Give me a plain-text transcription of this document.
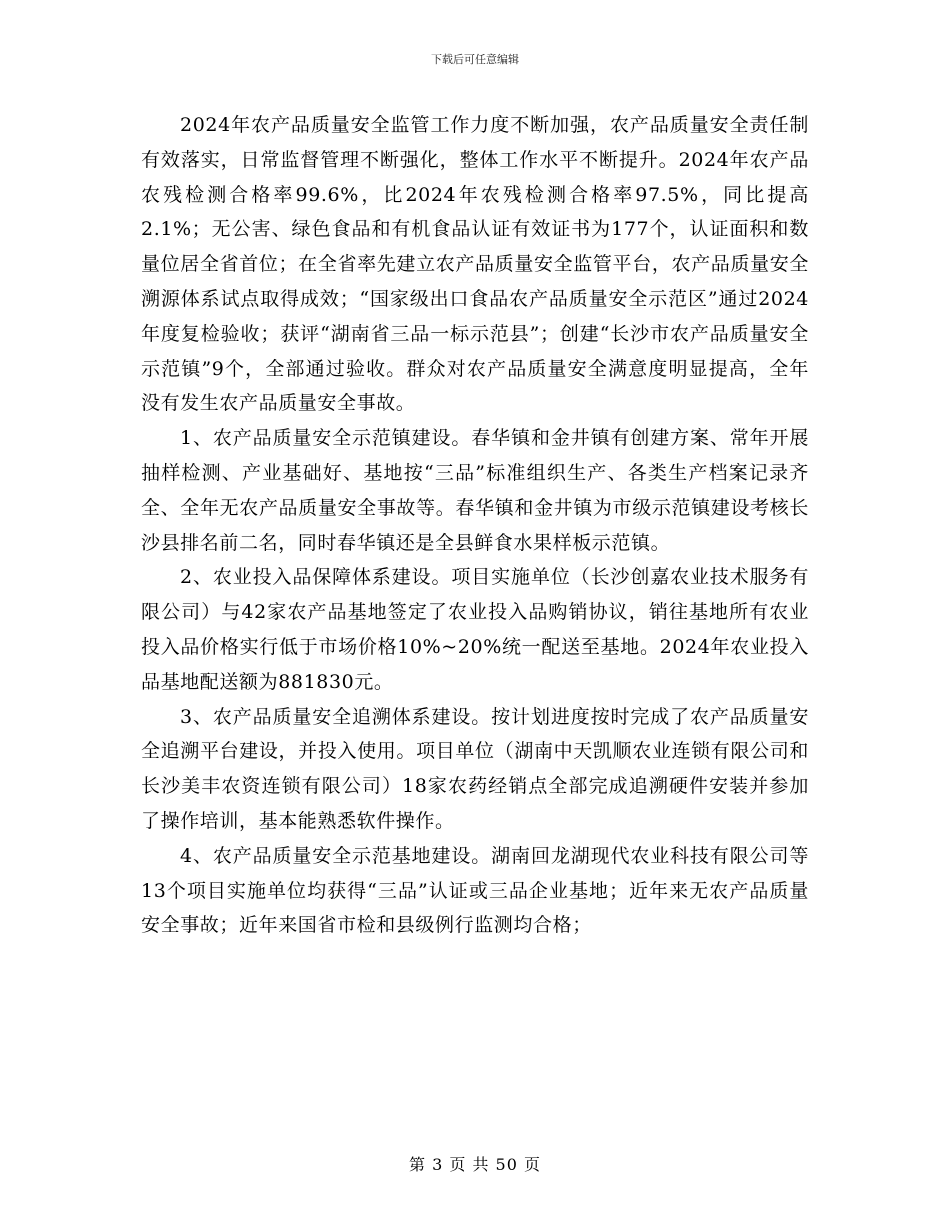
下载后可任意编辑

2024年农产品质量安全监管工作力度不断加强，农产品质量安全责任制有效落实，日常监督管理不断强化，整体工作水平不断提升。2024年农产品农残检测合格率99.6%，比2024年农残检测合格率97.5%，同比提高2.1%；无公害、绿色食品和有机食品认证有效证书为177个，认证面积和数量位居全省首位；在全省率先建立农产品质量安全监管平台，农产品质量安全溯源体系试点取得成效；“国家级出口食品农产品质量安全示范区”通过2024年度复检验收；获评“湖南省三品一标示范县”；创建“长沙市农产品质量安全示范镇”9个，全部通过验收。群众对农产品质量安全满意度明显提高，全年没有发生农产品质量安全事故。

1、农产品质量安全示范镇建设。春华镇和金井镇有创建方案、常年开展抽样检测、产业基础好、基地按“三品”标准组织生产、各类生产档案记录齐全、全年无农产品质量安全事故等。春华镇和金井镇为市级示范镇建设考核长沙县排名前二名，同时春华镇还是全县鲜食水果样板示范镇。

2、农业投入品保障体系建设。项目实施单位（长沙创嘉农业技术服务有限公司）与42家农产品基地签定了农业投入品购销协议，销往基地所有农业投入品价格实行低于市场价格10%~20%统一配送至基地。2024年农业投入品基地配送额为881830元。

3、农产品质量安全追溯体系建设。按计划进度按时完成了农产品质量安全追溯平台建设，并投入使用。项目单位（湖南中天凯顺农业连锁有限公司和长沙美丰农资连锁有限公司）18家农药经销点全部完成追溯硬件安装并参加了操作培训，基本能熟悉软件操作。

4、农产品质量安全示范基地建设。湖南回龙湖现代农业科技有限公司等13个项目实施单位均获得“三品”认证或三品企业基地；近年来无农产品质量安全事故；近年来国省市检和县级例行监测均合格；

第 3 页 共 50 页
